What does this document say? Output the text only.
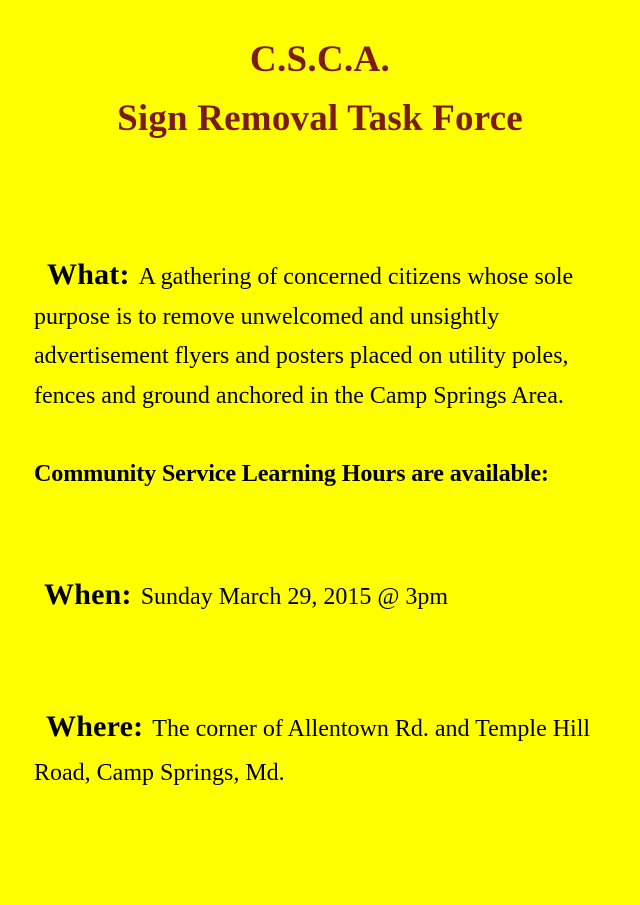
C.S.C.A.
Sign Removal Task Force

What: A gathering of concerned citizens whose sole purpose is to remove unwelcomed and unsightly advertisement flyers and posters placed on utility poles, fences and ground anchored in the Camp Springs Area.

Community Service Learning Hours are available:

When: Sunday March 29, 2015 @ 3pm

Where: The corner of Allentown Rd. and Temple Hill Road, Camp Springs, Md.
